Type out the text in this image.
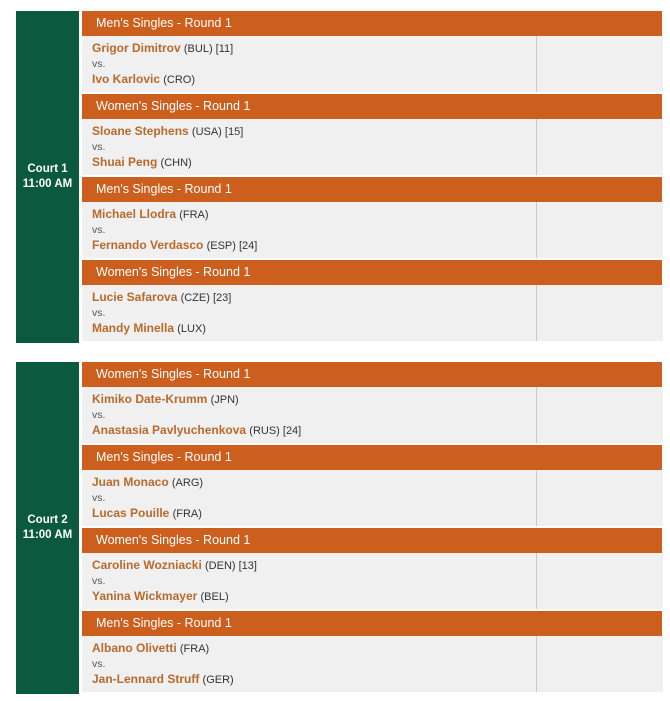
Court 1
11:00 AM
Men's Singles - Round 1
Grigor Dimitrov (BUL) [11]
vs.
Ivo Karlovic (CRO)
Women's Singles - Round 1
Sloane Stephens (USA) [15]
vs.
Shuai Peng (CHN)
Men's Singles - Round 1
Michael Llodra (FRA)
vs.
Fernando Verdasco (ESP) [24]
Women's Singles - Round 1
Lucie Safarova (CZE) [23]
vs.
Mandy Minella (LUX)
Court 2
11:00 AM
Women's Singles - Round 1
Kimiko Date-Krumm (JPN)
vs.
Anastasia Pavlyuchenkova (RUS) [24]
Men's Singles - Round 1
Juan Monaco (ARG)
vs.
Lucas Pouille (FRA)
Women's Singles - Round 1
Caroline Wozniacki (DEN) [13]
vs.
Yanina Wickmayer (BEL)
Men's Singles - Round 1
Albano Olivetti (FRA)
vs.
Jan-Lennard Struff (GER)
